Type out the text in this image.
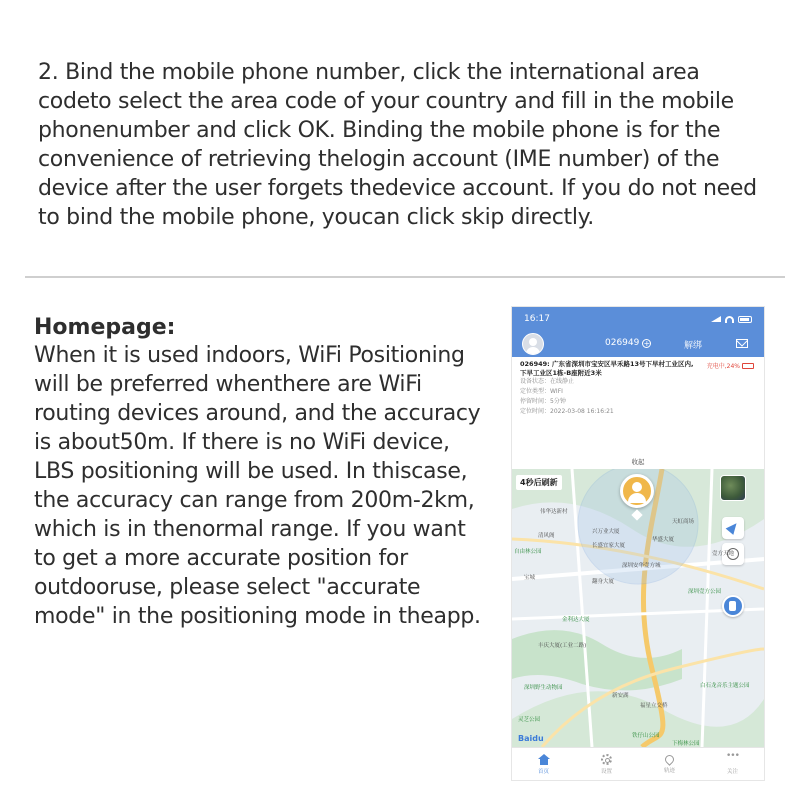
2. Bind the mobile phone number, click the international area
codeto select the area code of your country and fill in the mobile
phonenumber and click OK. Binding the mobile phone is for the
convenience of retrieving thelogin account (IME number) of the
device after the user forgets thedevice account. If you do not need
to bind the mobile phone, youcan click skip directly.
Homepage:
When it is used indoors, WiFi Positioning
will be preferred whenthere are WiFi
routing devices around, and the accuracy
is about50m. If there is no WiFi device,
LBS positioning will be used. In thiscase,
the accuracy can range from 200m-2km,
which is in thenormal range. If you want
to get a more accurate position for
outdooruse, please select "accurate
mode" in the positioning mode in theapp.
16:17
026949 +	解绑
026949: 广东省深圳市宝安区早禾路13号下早村工业区内,下早工业区1栋-B座附近3米
充电中,24%
设备状态：在线静止
定位类型：WIFI
停留时间：5分钟
定位时间：2022-03-08 16:16:21
收起
4秒后刷新
伟华达新村
天虹商场
清风阁
兴万业大厦
长盛宜家大厦
华盛大厦
自由林公园
深圳安华壹方城
壹方天地
宝城
深圳壹方公园
翻身大厦
金利达大厦
丰庆大厦(工业二路)
深圳野生动物园
新安湖
灵芝公园
福星立交桥
白石龙音乐主题公园
铁仔山公园
下梅林公园
Baidu
首页	设置	轨迹
•••	关注
